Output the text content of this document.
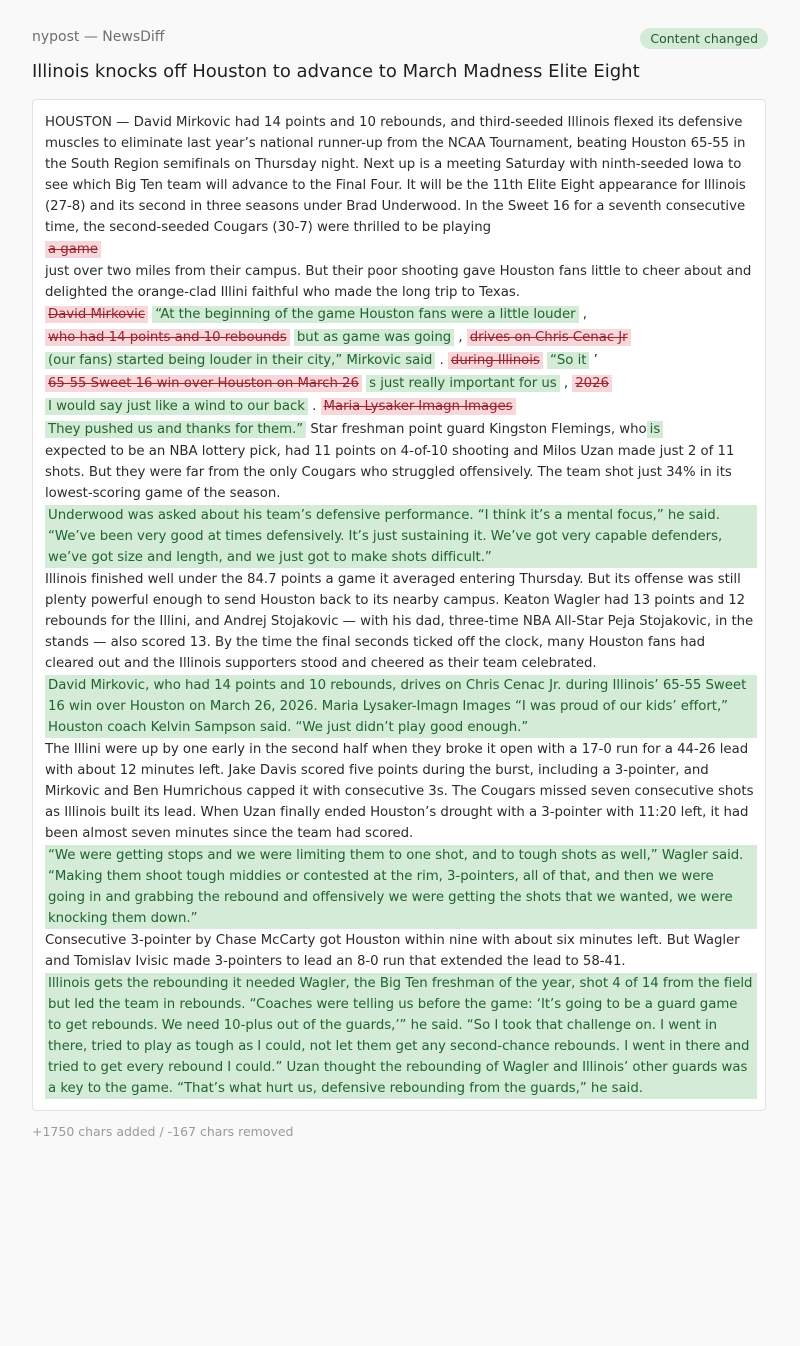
nypost — NewsDiff	Content changed
Illinois knocks off Houston to advance to March Madness Elite Eight

HOUSTON — David Mirkovic had 14 points and 10 rebounds, and third-seeded Illinois flexed its defensive muscles to eliminate last year’s national runner-up from the NCAA Tournament, beating Houston 65-55 in the South Region semifinals on Thursday night. Next up is a meeting Saturday with ninth-seeded Iowa to see which Big Ten team will advance to the Final Four. It will be the 11th Elite Eight appearance for Illinois (27-8) and its second in three seasons under Brad Underwood. In the Sweet 16 for a seventh consecutive time, the second-seeded Cougars (30-7) were thrilled to be playing

a game

just over two miles from their campus. But their poor shooting gave Houston fans little to cheer about and delighted the orange-clad Illini faithful who made the long trip to Texas.

David Mirkovic “At the beginning of the game Houston fans were a little louder ,
who had 14 points and 10 rebounds but as game was going , drives on Chris Cenac Jr
(our fans) started being louder in their city,” Mirkovic said . during Illinois “So it ’
65-55 Sweet 16 win over Houston on March 26 s just really important for us , 2026
I would say just like a wind to our back . Maria Lysaker-Imagn Images
They pushed us and thanks for them.” Star freshman point guard Kingston Flemings, who is

expected to be an NBA lottery pick, had 11 points on 4-of-10 shooting and Milos Uzan made just 2 of 11 shots. But they were far from the only Cougars who struggled offensively. The team shot just 34% in its lowest-scoring game of the season.

Underwood was asked about his team’s defensive performance. “I think it’s a mental focus,” he said. “We’ve been very good at times defensively. It’s just sustaining it. We’ve got very capable defenders, we’ve got size and length, and we just got to make shots difficult.”

Illinois finished well under the 84.7 points a game it averaged entering Thursday. But its offense was still plenty powerful enough to send Houston back to its nearby campus. Keaton Wagler had 13 points and 12 rebounds for the Illini, and Andrej Stojakovic — with his dad, three-time NBA All-Star Peja Stojakovic, in the stands — also scored 13. By the time the final seconds ticked off the clock, many Houston fans had cleared out and the Illinois supporters stood and cheered as their team celebrated.

David Mirkovic, who had 14 points and 10 rebounds, drives on Chris Cenac Jr. during Illinois’ 65-55 Sweet 16 win over Houston on March 26, 2026. Maria Lysaker-Imagn Images “I was proud of our kids’ effort,” Houston coach Kelvin Sampson said. “We just didn’t play good enough.”

The Illini were up by one early in the second half when they broke it open with a 17-0 run for a 44-26 lead with about 12 minutes left. Jake Davis scored five points during the burst, including a 3-pointer, and Mirkovic and Ben Humrichous capped it with consecutive 3s. The Cougars missed seven consecutive shots as Illinois built its lead. When Uzan finally ended Houston’s drought with a 3-pointer with 11:20 left, it had been almost seven minutes since the team had scored.

“We were getting stops and we were limiting them to one shot, and to tough shots as well,” Wagler said. “Making them shoot tough middies or contested at the rim, 3-pointers, all of that, and then we were going in and grabbing the rebound and offensively we were getting the shots that we wanted, we were knocking them down.”

Consecutive 3-pointer by Chase McCarty got Houston within nine with about six minutes left. But Wagler and Tomislav Ivisic made 3-pointers to lead an 8-0 run that extended the lead to 58-41.

Illinois gets the rebounding it needed Wagler, the Big Ten freshman of the year, shot 4 of 14 from the field but led the team in rebounds. “Coaches were telling us before the game: ‘It’s going to be a guard game to get rebounds. We need 10-plus out of the guards,’” he said. “So I took that challenge on. I went in there, tried to play as tough as I could, not let them get any second-chance rebounds. I went in there and tried to get every rebound I could.” Uzan thought the rebounding of Wagler and Illinois’ other guards was a key to the game. “That’s what hurt us, defensive rebounding from the guards,” he said.

+1750 chars added / -167 chars removed
